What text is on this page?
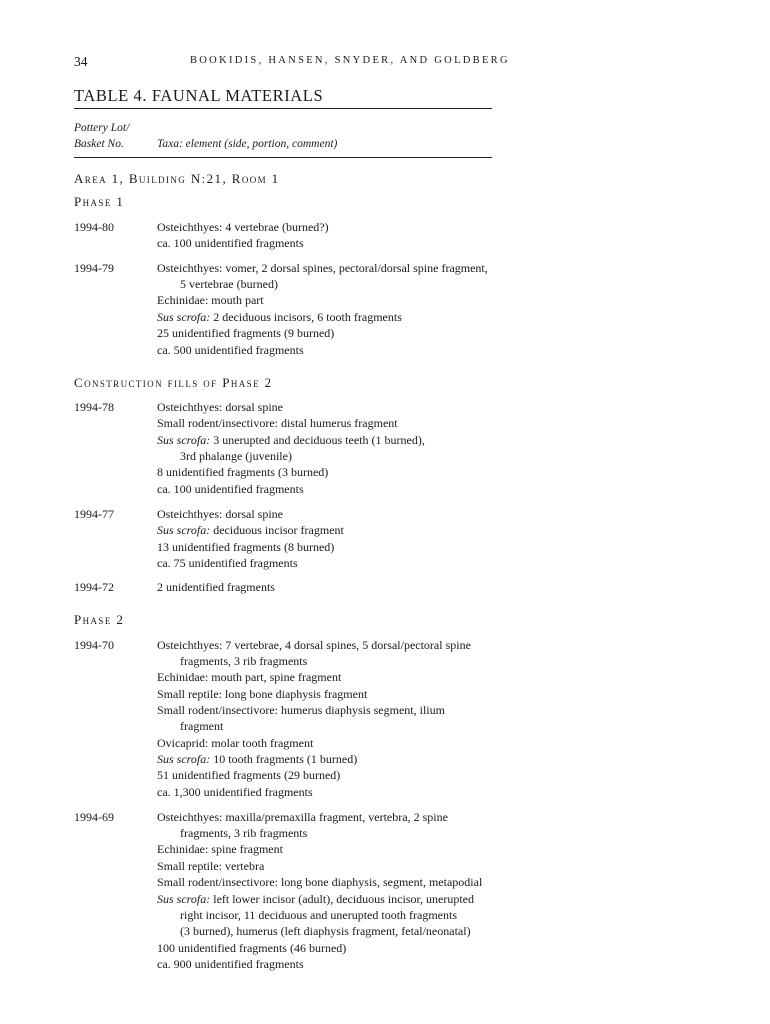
34	BOOKIDIS, HANSEN, SNYDER, AND GOLDBERG
TABLE 4. FAUNAL MATERIALS
Pottery Lot/
Basket No.	Taxa: element (side, portion, comment)
Area 1, Building N:21, Room 1
Phase 1
1994-80	Osteichthyes: 4 vertebrae (burned?)
ca. 100 unidentified fragments
1994-79	Osteichthyes: vomer, 2 dorsal spines, pectoral/dorsal spine fragment,
5 vertebrae (burned)
Echinidae: mouth part
Sus scrofa: 2 deciduous incisors, 6 tooth fragments
25 unidentified fragments (9 burned)
ca. 500 unidentified fragments
Construction fills of Phase 2
1994-78	Osteichthyes: dorsal spine
Small rodent/insectivore: distal humerus fragment
Sus scrofa: 3 unerupted and deciduous teeth (1 burned),
3rd phalange (juvenile)
8 unidentified fragments (3 burned)
ca. 100 unidentified fragments
1994-77	Osteichthyes: dorsal spine
Sus scrofa: deciduous incisor fragment
13 unidentified fragments (8 burned)
ca. 75 unidentified fragments
1994-72	2 unidentified fragments
Phase 2
1994-70	Osteichthyes: 7 vertebrae, 4 dorsal spines, 5 dorsal/pectoral spine
fragments, 3 rib fragments
Echinidae: mouth part, spine fragment
Small reptile: long bone diaphysis fragment
Small rodent/insectivore: humerus diaphysis segment, ilium
fragment
Ovicaprid: molar tooth fragment
Sus scrofa: 10 tooth fragments (1 burned)
51 unidentified fragments (29 burned)
ca. 1,300 unidentified fragments
1994-69	Osteichthyes: maxilla/premaxilla fragment, vertebra, 2 spine
fragments, 3 rib fragments
Echinidae: spine fragment
Small reptile: vertebra
Small rodent/insectivore: long bone diaphysis, segment, metapodial
Sus scrofa: left lower incisor (adult), deciduous incisor, unerupted
right incisor, 11 deciduous and unerupted tooth fragments
(3 burned), humerus (left diaphysis fragment, fetal/neonatal)
100 unidentified fragments (46 burned)
ca. 900 unidentified fragments
